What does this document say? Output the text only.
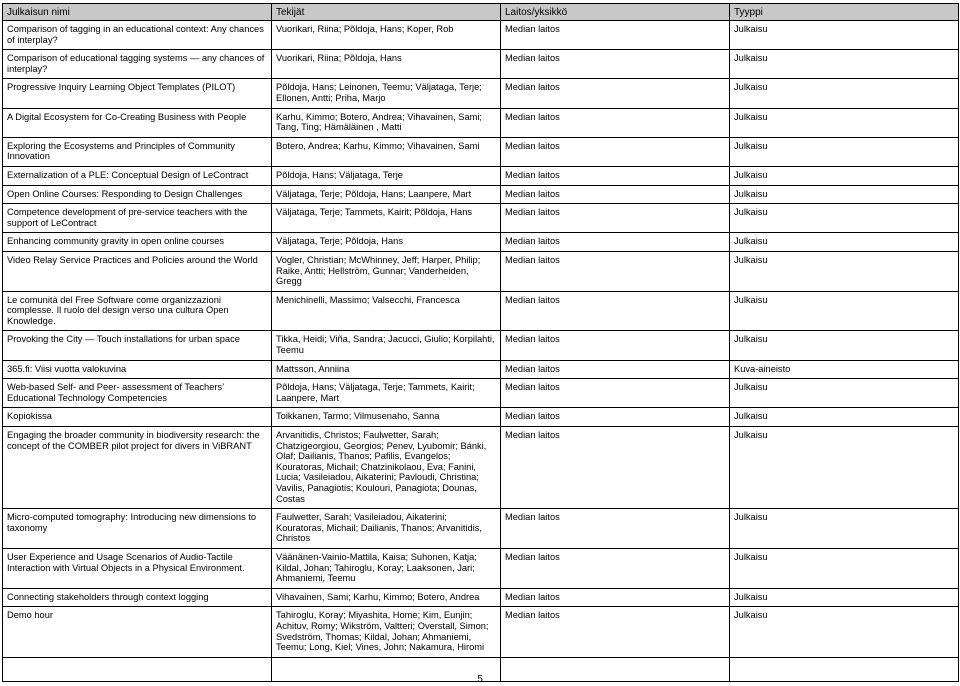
Julkaisun nimi	Tekijät	Laitos/yksikkö	Tyyppi
Comparison of tagging in an educational context: Any chances of interplay?	Vuorikari, Riina; Põldoja, Hans; Koper, Rob	Median laitos	Julkaisu
Comparison of educational tagging systems — any chances of interplay?	Vuorikari, Riina; Põldoja, Hans	Median laitos	Julkaisu
Progressive Inquiry Learning Object Templates (PILOT)	Põldoja, Hans; Leinonen, Teemu; Väljataga, Terje; Ellonen, Antti; Priha, Marjo	Median laitos	Julkaisu
A Digital Ecosystem for Co-Creating Business with People	Karhu, Kimmo; Botero, Andrea; Vihavainen, Sami; Tang, Ting; Hämäläinen , Matti	Median laitos	Julkaisu
Exploring the Ecosystems and Principles of Community Innovation	Botero, Andrea; Karhu, Kimmo; Vihavainen, Sami	Median laitos	Julkaisu
Externalization of a PLE: Conceptual Design of LeContract	Põldoja, Hans; Väljataga, Terje	Median laitos	Julkaisu
Open Online Courses: Responding to Design Challenges	Väljataga, Terje; Põldoja, Hans; Laanpere, Mart	Median laitos	Julkaisu
Competence development of pre-service teachers with the support of LeContract	Väljataga, Terje; Tammets, Kairit; Põldoja, Hans	Median laitos	Julkaisu
Enhancing community gravity in open online courses	Väljataga, Terje; Põldoja, Hans	Median laitos	Julkaisu
Video Relay Service Practices and Policies around the World	Vogler, Christian; McWhinney, Jeff; Harper, Philip; Raike, Antti; Hellström, Gunnar; Vanderheiden, Gregg	Median laitos	Julkaisu
Le comunità del Free Software come organizzazioni complesse. Il ruolo del design verso una cultura Open Knowledge.	Menichinelli, Massimo; Valsecchi, Francesca	Median laitos	Julkaisu
Provoking the City — Touch installations for urban space	Tikka, Heidi; Viña, Sandra; Jacucci, Giulio; Korpilahti, Teemu	Median laitos	Julkaisu
365.fi: Viisi vuotta valokuvina	Mattsson, Anniina	Median laitos	Kuva-aineisto
Web-based Self- and Peer- assessment of Teachers’ Educational Technology Competencies	Põldoja, Hans; Väljataga, Terje; Tammets, Kairit; Laanpere, Mart	Median laitos	Julkaisu
Kopiokissa	Toikkanen, Tarmo; Vilmusenaho, Sanna	Median laitos	Julkaisu
Engaging the broader community in biodiversity research: the concept of the COMBER pilot project for divers in ViBRANT	Arvanitidis, Christos; Faulwetter, Sarah; Chatzigeorgiou, Georgios; Penev, Lyubomir; Bánki, Olaf; Dailianis, Thanos; Pafilis, Evangelos; Kouratoras, Michail; Chatzinikolaou, Eva; Fanini, Lucia; Vasileiadou, Aikaterini; Pavloudi, Christina; Vavilis, Panagiotis; Koulouri, Panagiota; Dounas, Costas	Median laitos	Julkaisu
Micro-computed tomography: Introducing new dimensions to taxonomy	Faulwetter, Sarah; Vasileiadou, Aikaterini; Kouratoras, Michail; Dailianis, Thanos; Arvanitidis, Christos	Median laitos	Julkaisu
User Experience and Usage Scenarios of Audio-Tactile Interaction with Virtual Objects in a Physical Environment.	Väänänen-Vainio-Mattila, Kaisa; Suhonen, Katja; Kildal, Johan; Tahiroglu, Koray; Laaksonen, Jari; Ahmaniemi, Teemu	Median laitos	Julkaisu
Connecting stakeholders through context logging	Vihavainen, Sami; Karhu, Kimmo; Botero, Andrea	Median laitos	Julkaisu
Demo hour	Tahiroglu, Koray; Miyashita, Home; Kim, Eunjin; Achituv, Romy; Wikström, Valtteri; Overstall, Simon; Svedström, Thomas; Kildal, Johan; Ahmaniemi, Teemu; Long, Kiel; Vines, John; Nakamura, Hiromi	Median laitos	Julkaisu

5
